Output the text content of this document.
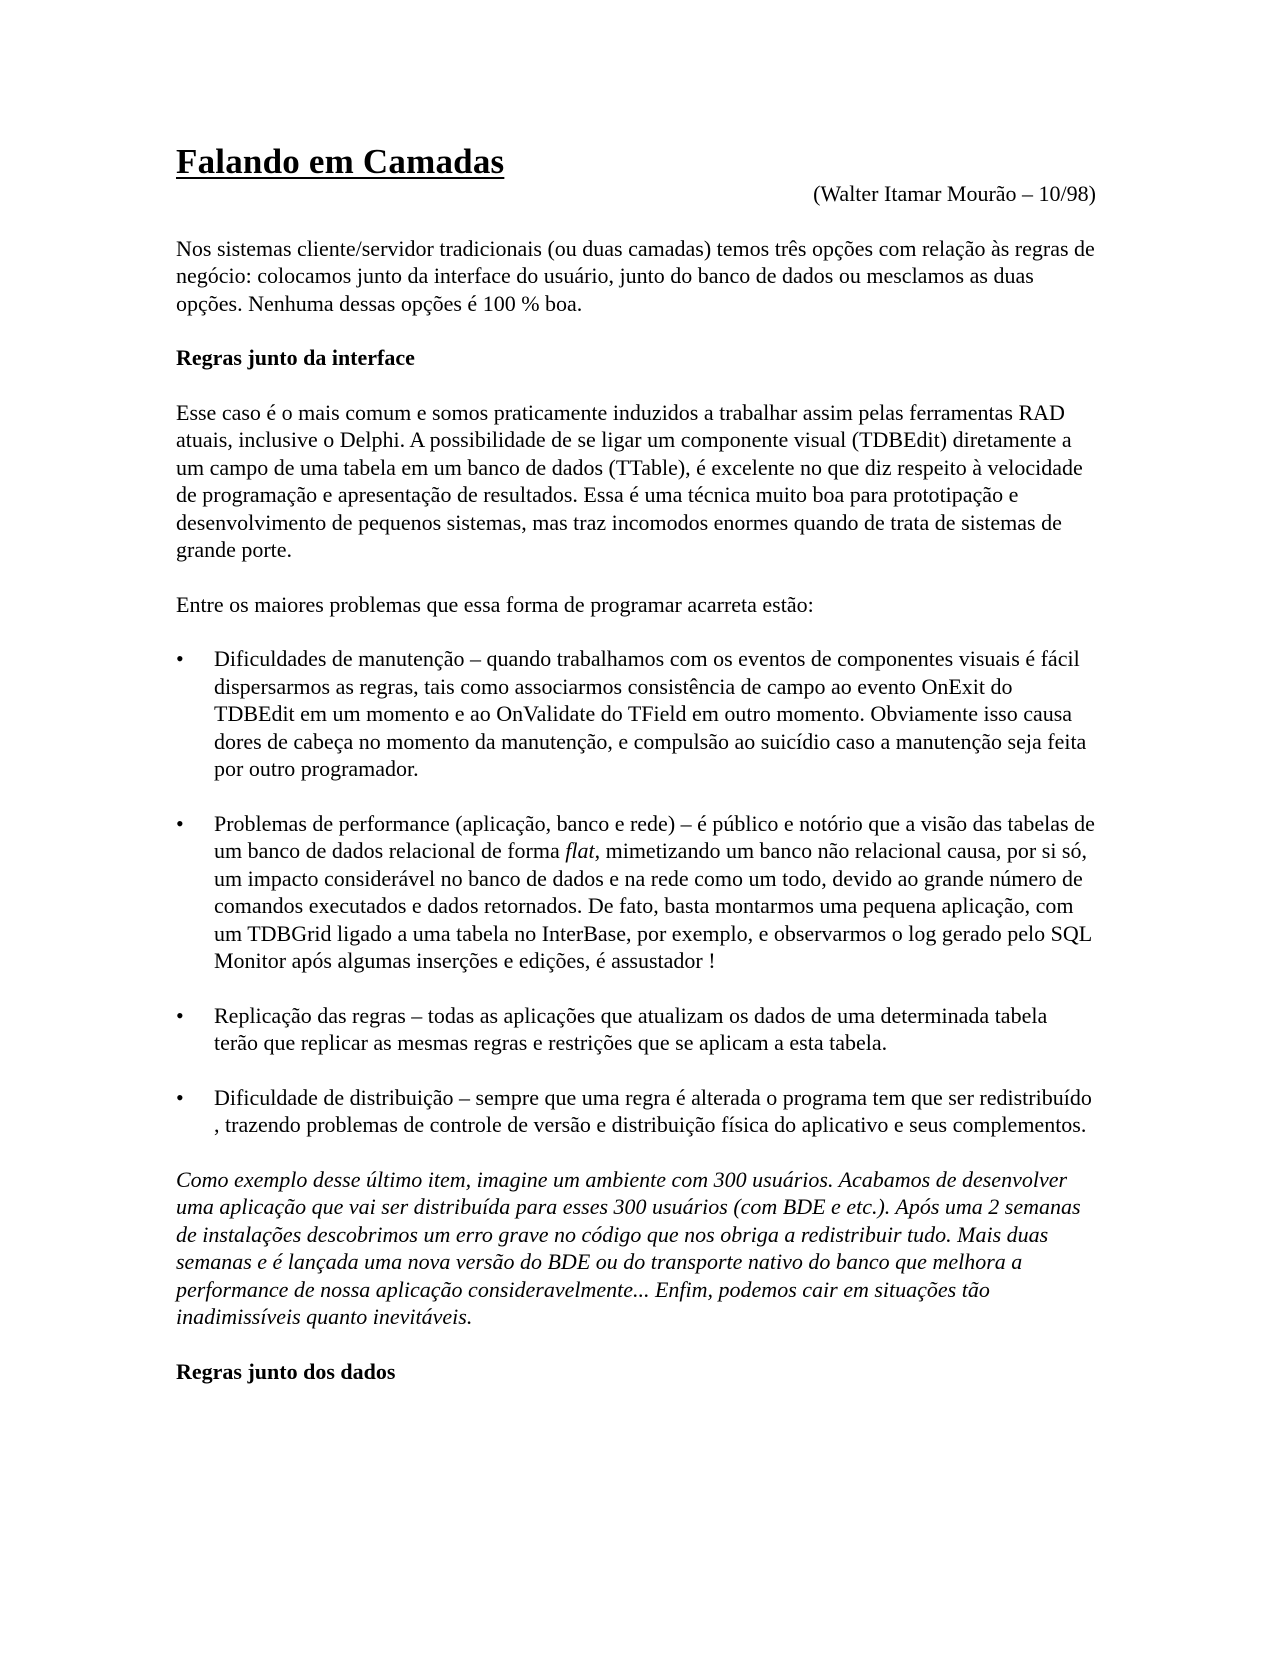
Falando em Camadas

(Walter Itamar Mourão – 10/98)

Nos sistemas cliente/servidor tradicionais (ou duas camadas) temos três opções com relação às regras de negócio: colocamos junto da interface do usuário, junto do banco de dados ou mesclamos as duas opções. Nenhuma dessas opções é 100 % boa.

Regras junto da interface

Esse caso é o mais comum e somos praticamente induzidos a trabalhar assim pelas ferramentas RAD atuais, inclusive o Delphi. A possibilidade de se ligar um componente visual (TDBEdit) diretamente a um campo de uma tabela em um banco de dados (TTable), é excelente no que diz respeito à velocidade de programação e apresentação de resultados. Essa é uma técnica muito boa para prototipação e desenvolvimento de pequenos sistemas, mas traz incomodos enormes quando de trata de sistemas de grande porte.

Entre os maiores problemas que essa forma de programar acarreta estão:

• Dificuldades de manutenção – quando trabalhamos com os eventos de componentes visuais é fácil dispersarmos as regras, tais como associarmos consistência de campo ao evento OnExit do TDBEdit em um momento e ao OnValidate do TField em outro momento. Obviamente isso causa dores de cabeça no momento da manutenção, e compulsão ao suicídio caso a manutenção seja feita por outro programador.
• Problemas de performance (aplicação, banco e rede) – é público e notório que a visão das tabelas de um banco de dados relacional de forma flat, mimetizando um banco não relacional causa, por si só, um impacto considerável no banco de dados e na rede como um todo, devido ao grande número de comandos executados e dados retornados. De fato, basta montarmos uma pequena aplicação, com um TDBGrid ligado a uma tabela no InterBase, por exemplo, e observarmos o log gerado pelo SQL Monitor após algumas inserções e edições, é assustador !
• Replicação das regras – todas as aplicações que atualizam os dados de uma determinada tabela terão que replicar as mesmas regras e restrições que se aplicam a esta tabela.
• Dificuldade de distribuição – sempre que uma regra é alterada o programa tem que ser redistribuído , trazendo problemas de controle de versão e distribuição física do aplicativo e seus complementos.

Como exemplo desse último item, imagine um ambiente com 300 usuários. Acabamos de desenvolver uma aplicação que vai ser distribuída para esses 300 usuários (com BDE e etc.). Após uma 2 semanas de instalações descobrimos um erro grave no código que nos obriga a redistribuir tudo. Mais duas semanas e é lançada uma nova versão do BDE ou do transporte nativo do banco que melhora a performance de nossa aplicação consideravelmente... Enfim, podemos cair em situações tão inadimissíveis quanto inevitáveis.

Regras junto dos dados
